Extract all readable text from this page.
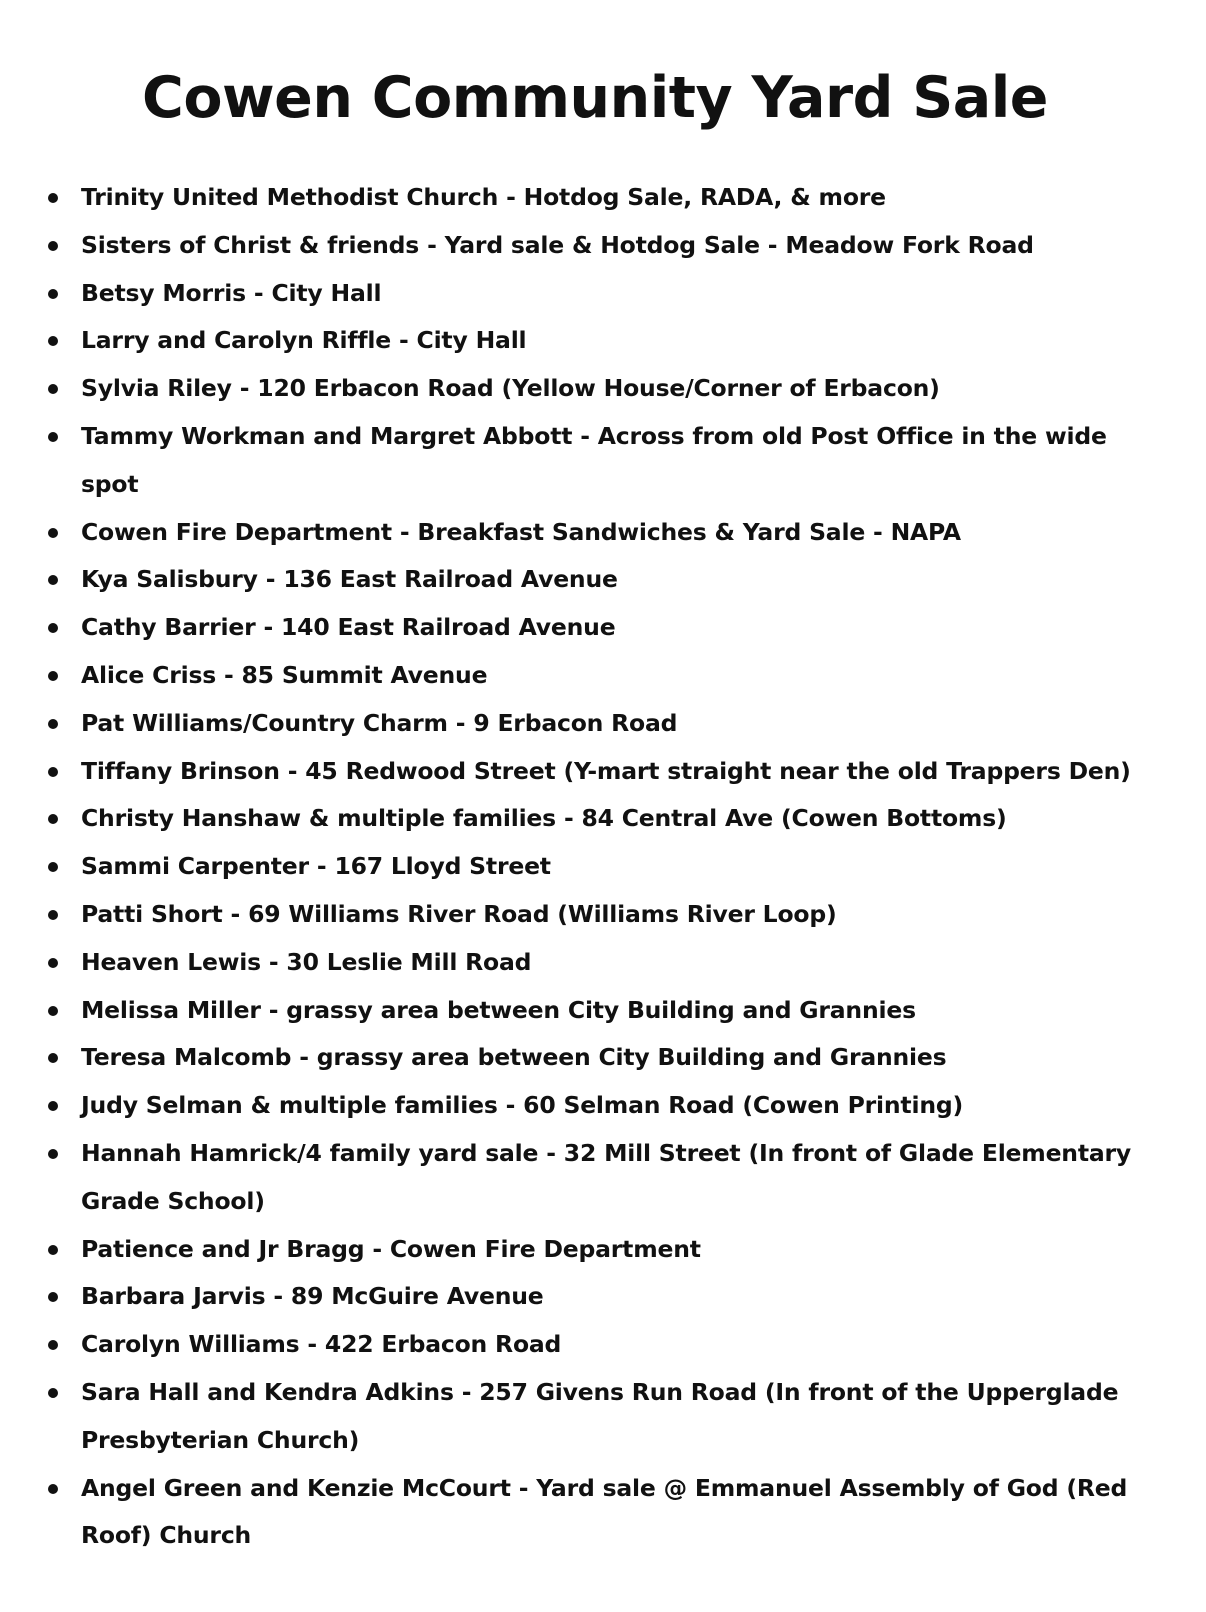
Cowen Community Yard Sale
Trinity United Methodist Church - Hotdog Sale, RADA, & more
Sisters of Christ & friends - Yard sale & Hotdog Sale - Meadow Fork Road
Betsy Morris - City Hall
Larry and Carolyn Riffle - City Hall
Sylvia Riley - 120 Erbacon Road (Yellow House/Corner of Erbacon)
Tammy Workman and Margret Abbott - Across from old Post Office in the wide spot
Cowen Fire Department - Breakfast Sandwiches & Yard Sale - NAPA
Kya Salisbury - 136 East Railroad Avenue
Cathy Barrier - 140 East Railroad Avenue
Alice Criss - 85 Summit Avenue
Pat Williams/Country Charm - 9 Erbacon Road
Tiffany Brinson - 45 Redwood Street (Y-mart straight near the old Trappers Den)
Christy Hanshaw & multiple families - 84 Central Ave (Cowen Bottoms)
Sammi Carpenter - 167 Lloyd Street
Patti Short - 69 Williams River Road (Williams River Loop)
Heaven Lewis - 30 Leslie Mill Road
Melissa Miller - grassy area between City Building and Grannies
Teresa Malcomb - grassy area between City Building and Grannies
Judy Selman & multiple families - 60 Selman Road (Cowen Printing)
Hannah Hamrick/4 family yard sale - 32 Mill Street (In front of Glade Elementary Grade School)
Patience and Jr Bragg - Cowen Fire Department
Barbara Jarvis - 89 McGuire Avenue
Carolyn Williams - 422 Erbacon Road
Sara Hall and Kendra Adkins - 257 Givens Run Road (In front of the Upperglade Presbyterian Church)
Angel Green and Kenzie McCourt - Yard sale @ Emmanuel Assembly of God (Red Roof) Church
